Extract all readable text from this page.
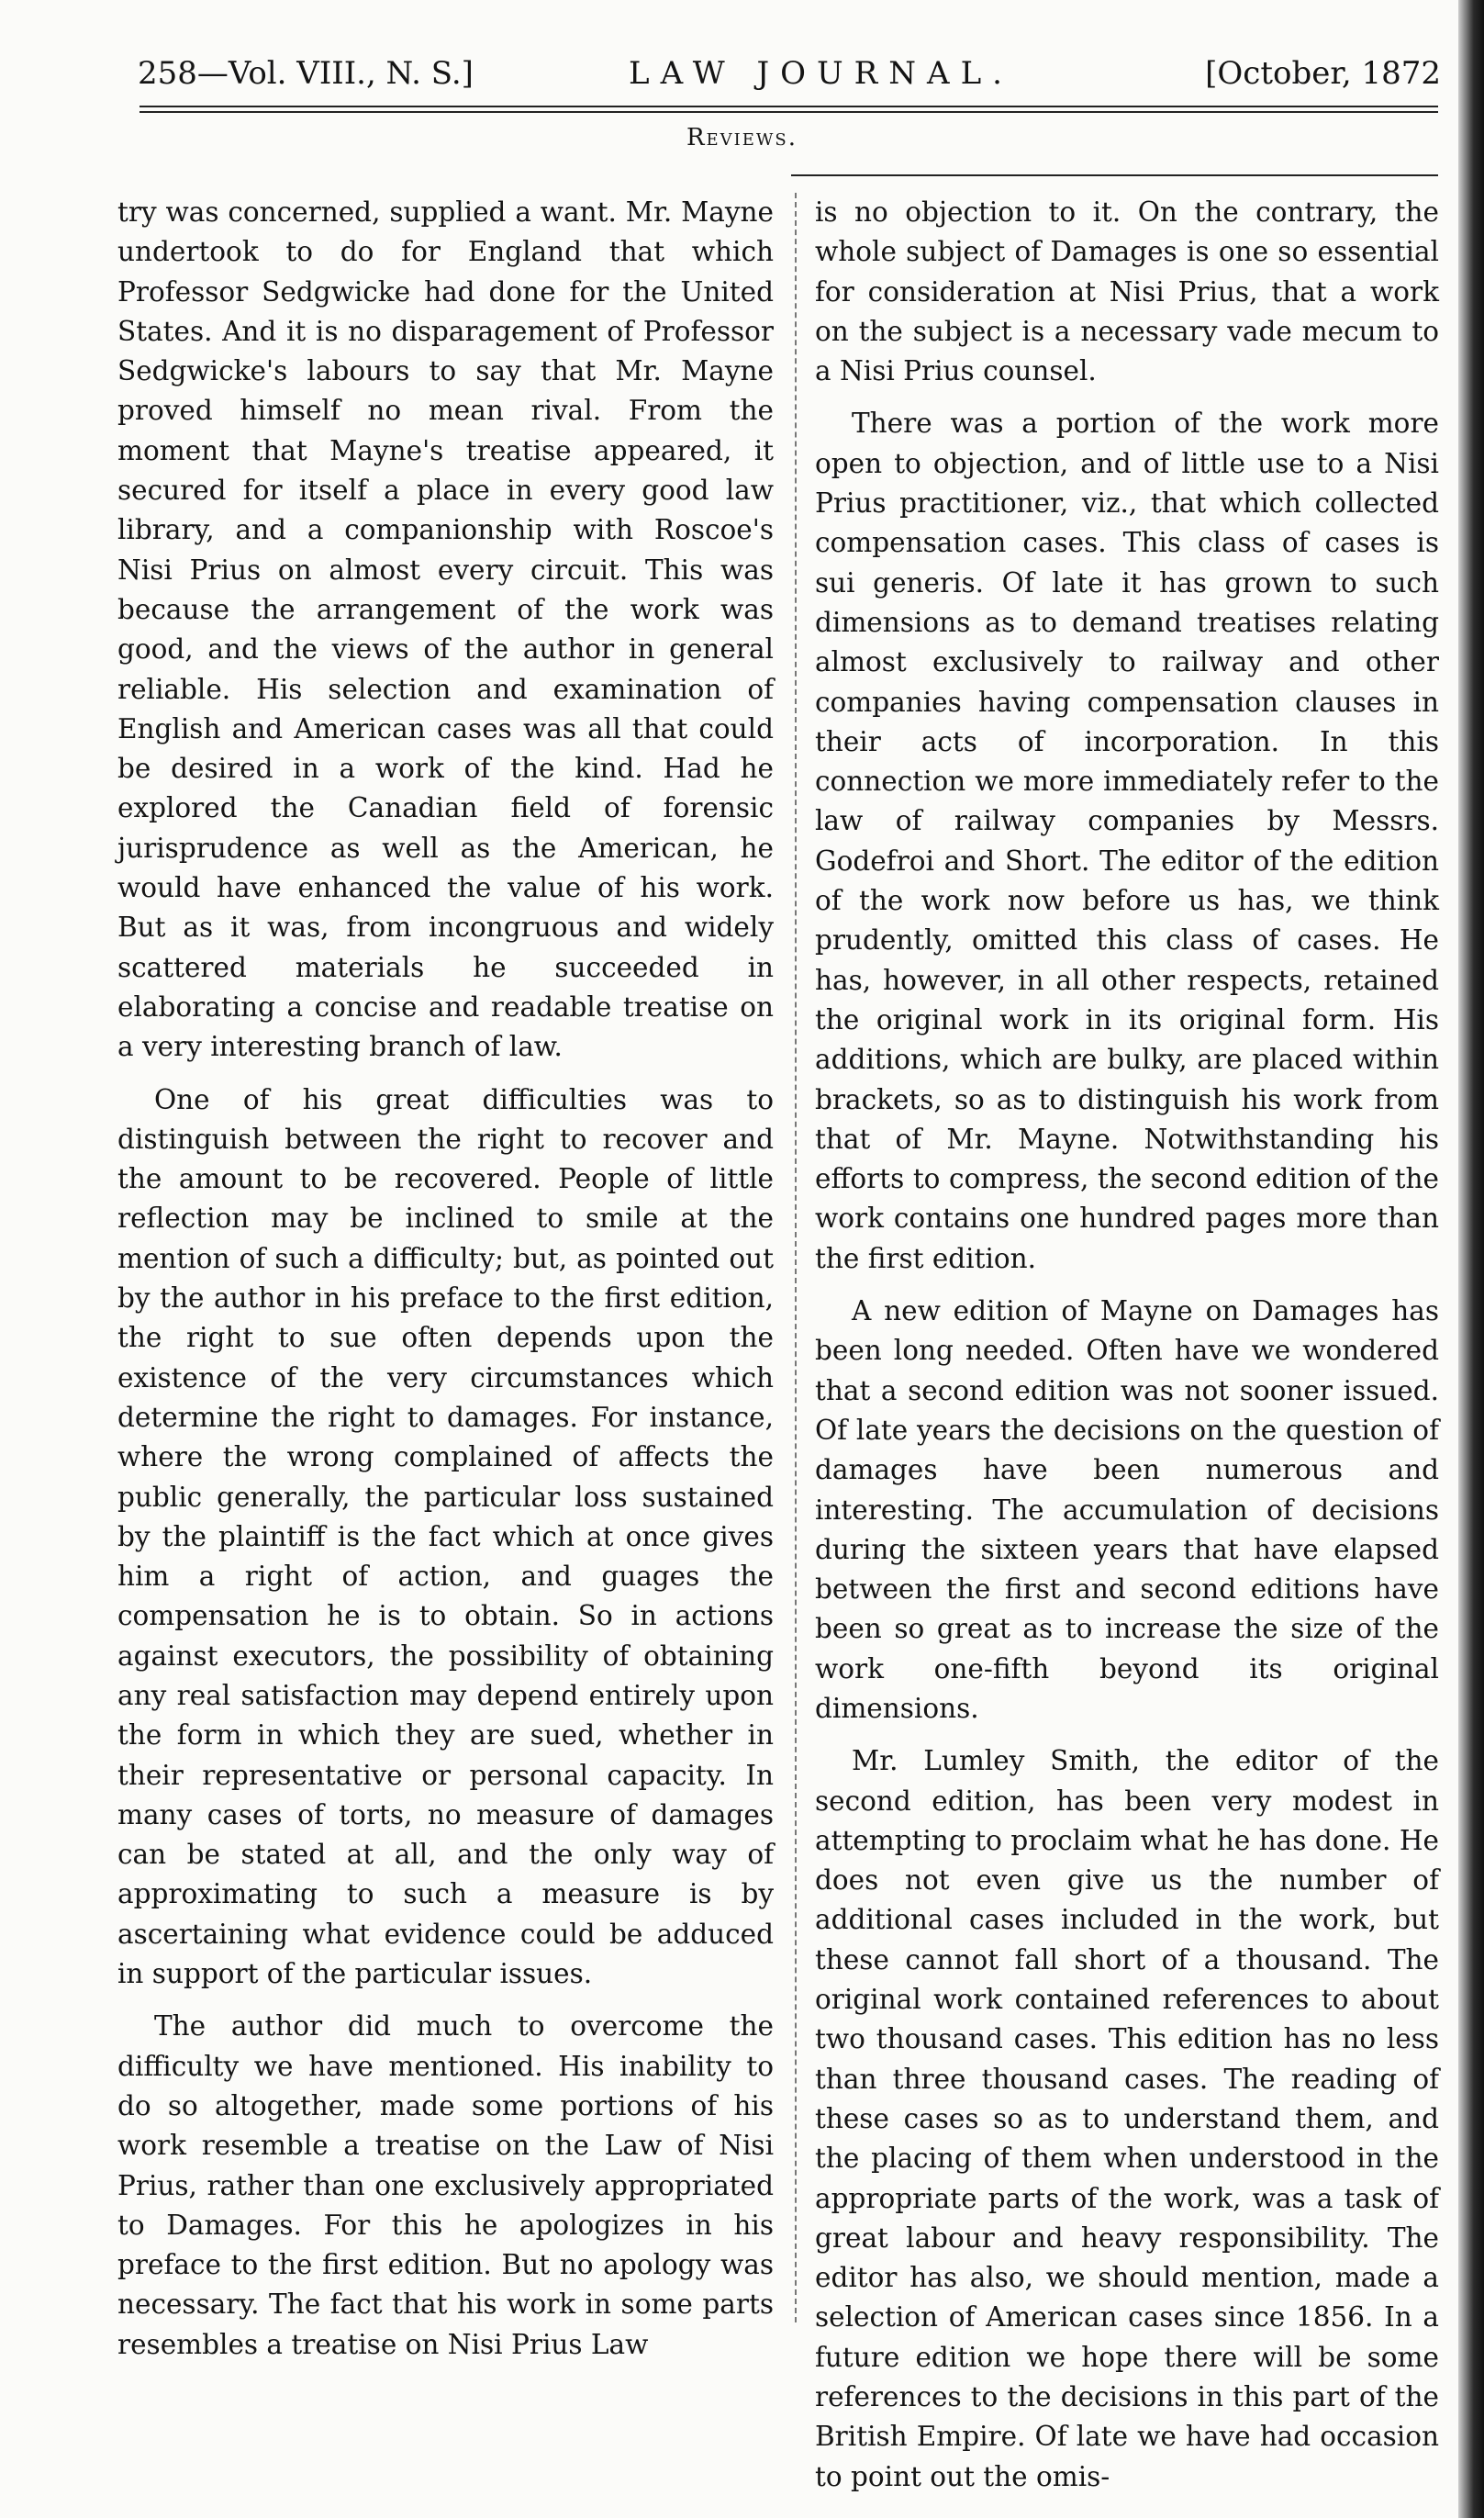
258—Vol. VIII., N. S.]	LAW JOURNAL.	[October, 1872
Reviews.

try was concerned, supplied a want. Mr. Mayne undertook to do for England that which Professor Sedgwicke had done for the United States. And it is no disparagement of Professor Sedgwicke's labours to say that Mr. Mayne proved himself no mean rival. From the moment that Mayne's treatise appeared, it secured for itself a place in every good law library, and a companionship with Roscoe's Nisi Prius on almost every circuit. This was because the arrangement of the work was good, and the views of the author in general reliable. His selection and examination of English and American cases was all that could be desired in a work of the kind. Had he explored the Canadian field of forensic jurisprudence as well as the American, he would have enhanced the value of his work. But as it was, from incongruous and widely scattered materials he succeeded in elaborating a concise and readable treatise on a very interesting branch of law.

One of his great difficulties was to distinguish between the right to recover and the amount to be recovered. People of little reflection may be inclined to smile at the mention of such a difficulty; but, as pointed out by the author in his preface to the first edition, the right to sue often depends upon the existence of the very circumstances which determine the right to damages. For instance, where the wrong complained of affects the public generally, the particular loss sustained by the plaintiff is the fact which at once gives him a right of action, and guages the compensation he is to obtain. So in actions against executors, the possibility of obtaining any real satisfaction may depend entirely upon the form in which they are sued, whether in their representative or personal capacity. In many cases of torts, no measure of damages can be stated at all, and the only way of approximating to such a measure is by ascertaining what evidence could be adduced in support of the particular issues.

The author did much to overcome the difficulty we have mentioned. His inability to do so altogether, made some portions of his work resemble a treatise on the Law of Nisi Prius, rather than one exclusively appropriated to Damages. For this he apologizes in his preface to the first edition. But no apology was necessary. The fact that his work in some parts resembles a treatise on Nisi Prius Law

is no objection to it. On the contrary, the whole subject of Damages is one so essential for consideration at Nisi Prius, that a work on the subject is a necessary vade mecum to a Nisi Prius counsel.

There was a portion of the work more open to objection, and of little use to a Nisi Prius practitioner, viz., that which collected compensation cases. This class of cases is sui generis. Of late it has grown to such dimensions as to demand treatises relating almost exclusively to railway and other companies having compensation clauses in their acts of incorporation. In this connection we more immediately refer to the law of railway companies by Messrs. Godefroi and Short. The editor of the edition of the work now before us has, we think prudently, omitted this class of cases. He has, however, in all other respects, retained the original work in its original form. His additions, which are bulky, are placed within brackets, so as to distinguish his work from that of Mr. Mayne. Notwithstanding his efforts to compress, the second edition of the work contains one hundred pages more than the first edition.

A new edition of Mayne on Damages has been long needed. Often have we wondered that a second edition was not sooner issued. Of late years the decisions on the question of damages have been numerous and interesting. The accumulation of decisions during the sixteen years that have elapsed between the first and second editions have been so great as to increase the size of the work one-fifth beyond its original dimensions.

Mr. Lumley Smith, the editor of the second edition, has been very modest in attempting to proclaim what he has done. He does not even give us the number of additional cases included in the work, but these cannot fall short of a thousand. The original work contained references to about two thousand cases. This edition has no less than three thousand cases. The reading of these cases so as to understand them, and the placing of them when understood in the appropriate parts of the work, was a task of great labour and heavy responsibility. The editor has also, we should mention, made a selection of American cases since 1856. In a future edition we hope there will be some references to the decisions in this part of the British Empire. Of late we have had occasion to point out the omis-
